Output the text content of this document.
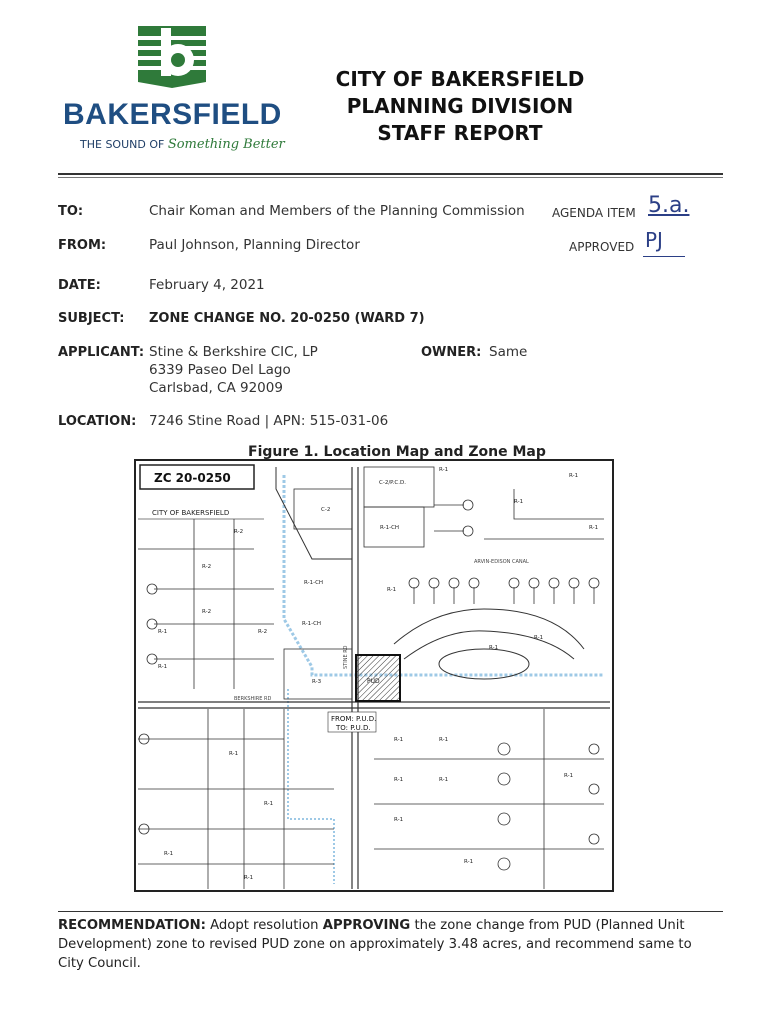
BAKERSFIELD
THE SOUND OF Something Better
CITY OF BAKERSFIELD
PLANNING DIVISION
STAFF REPORT
TO:	Chair Koman and Members of the Planning Commission AGENDA ITEM 5.a.
FROM:	Paul Johnson, Planning Director	APPROVED PJ
DATE:	February 4, 2021
SUBJECT: ZONE CHANGE NO. 20-0250 (WARD 7)
APPLICANT: Stine & Berkshire CIC, LP
6339 Paseo Del Lago
Carlsbad, CA 92009
OWNER: Same
LOCATION: 7246 Stine Road | APN: 515-031-06
Figure 1. Location Map and Zone Map
ZC 20-0250
CITY OF BAKERSFIELD
ARVIN-EDISON CANAL
BERKSHIRE RD
STINE RD
PUD
FROM: P.U.D.
TO: P.U.D.
C-2
C-2/P.C.D.
R-1-CH
R-1-CH
R-1-CH
R-3
R-2
R-2
R-2
R-2
R-1
R-1
R-1
R-1
R-1
R-1
R-1
R-1
R-1
R-1	R-1
R-1	R-1
R-1
R-1
R-1
R-1
R-1
R-1
R-1
RECOMMENDATION: Adopt resolution APPROVING the zone change from PUD (Planned Unit Development) zone to revised PUD zone on approximately 3.48 acres, and recommend same to City Council.
